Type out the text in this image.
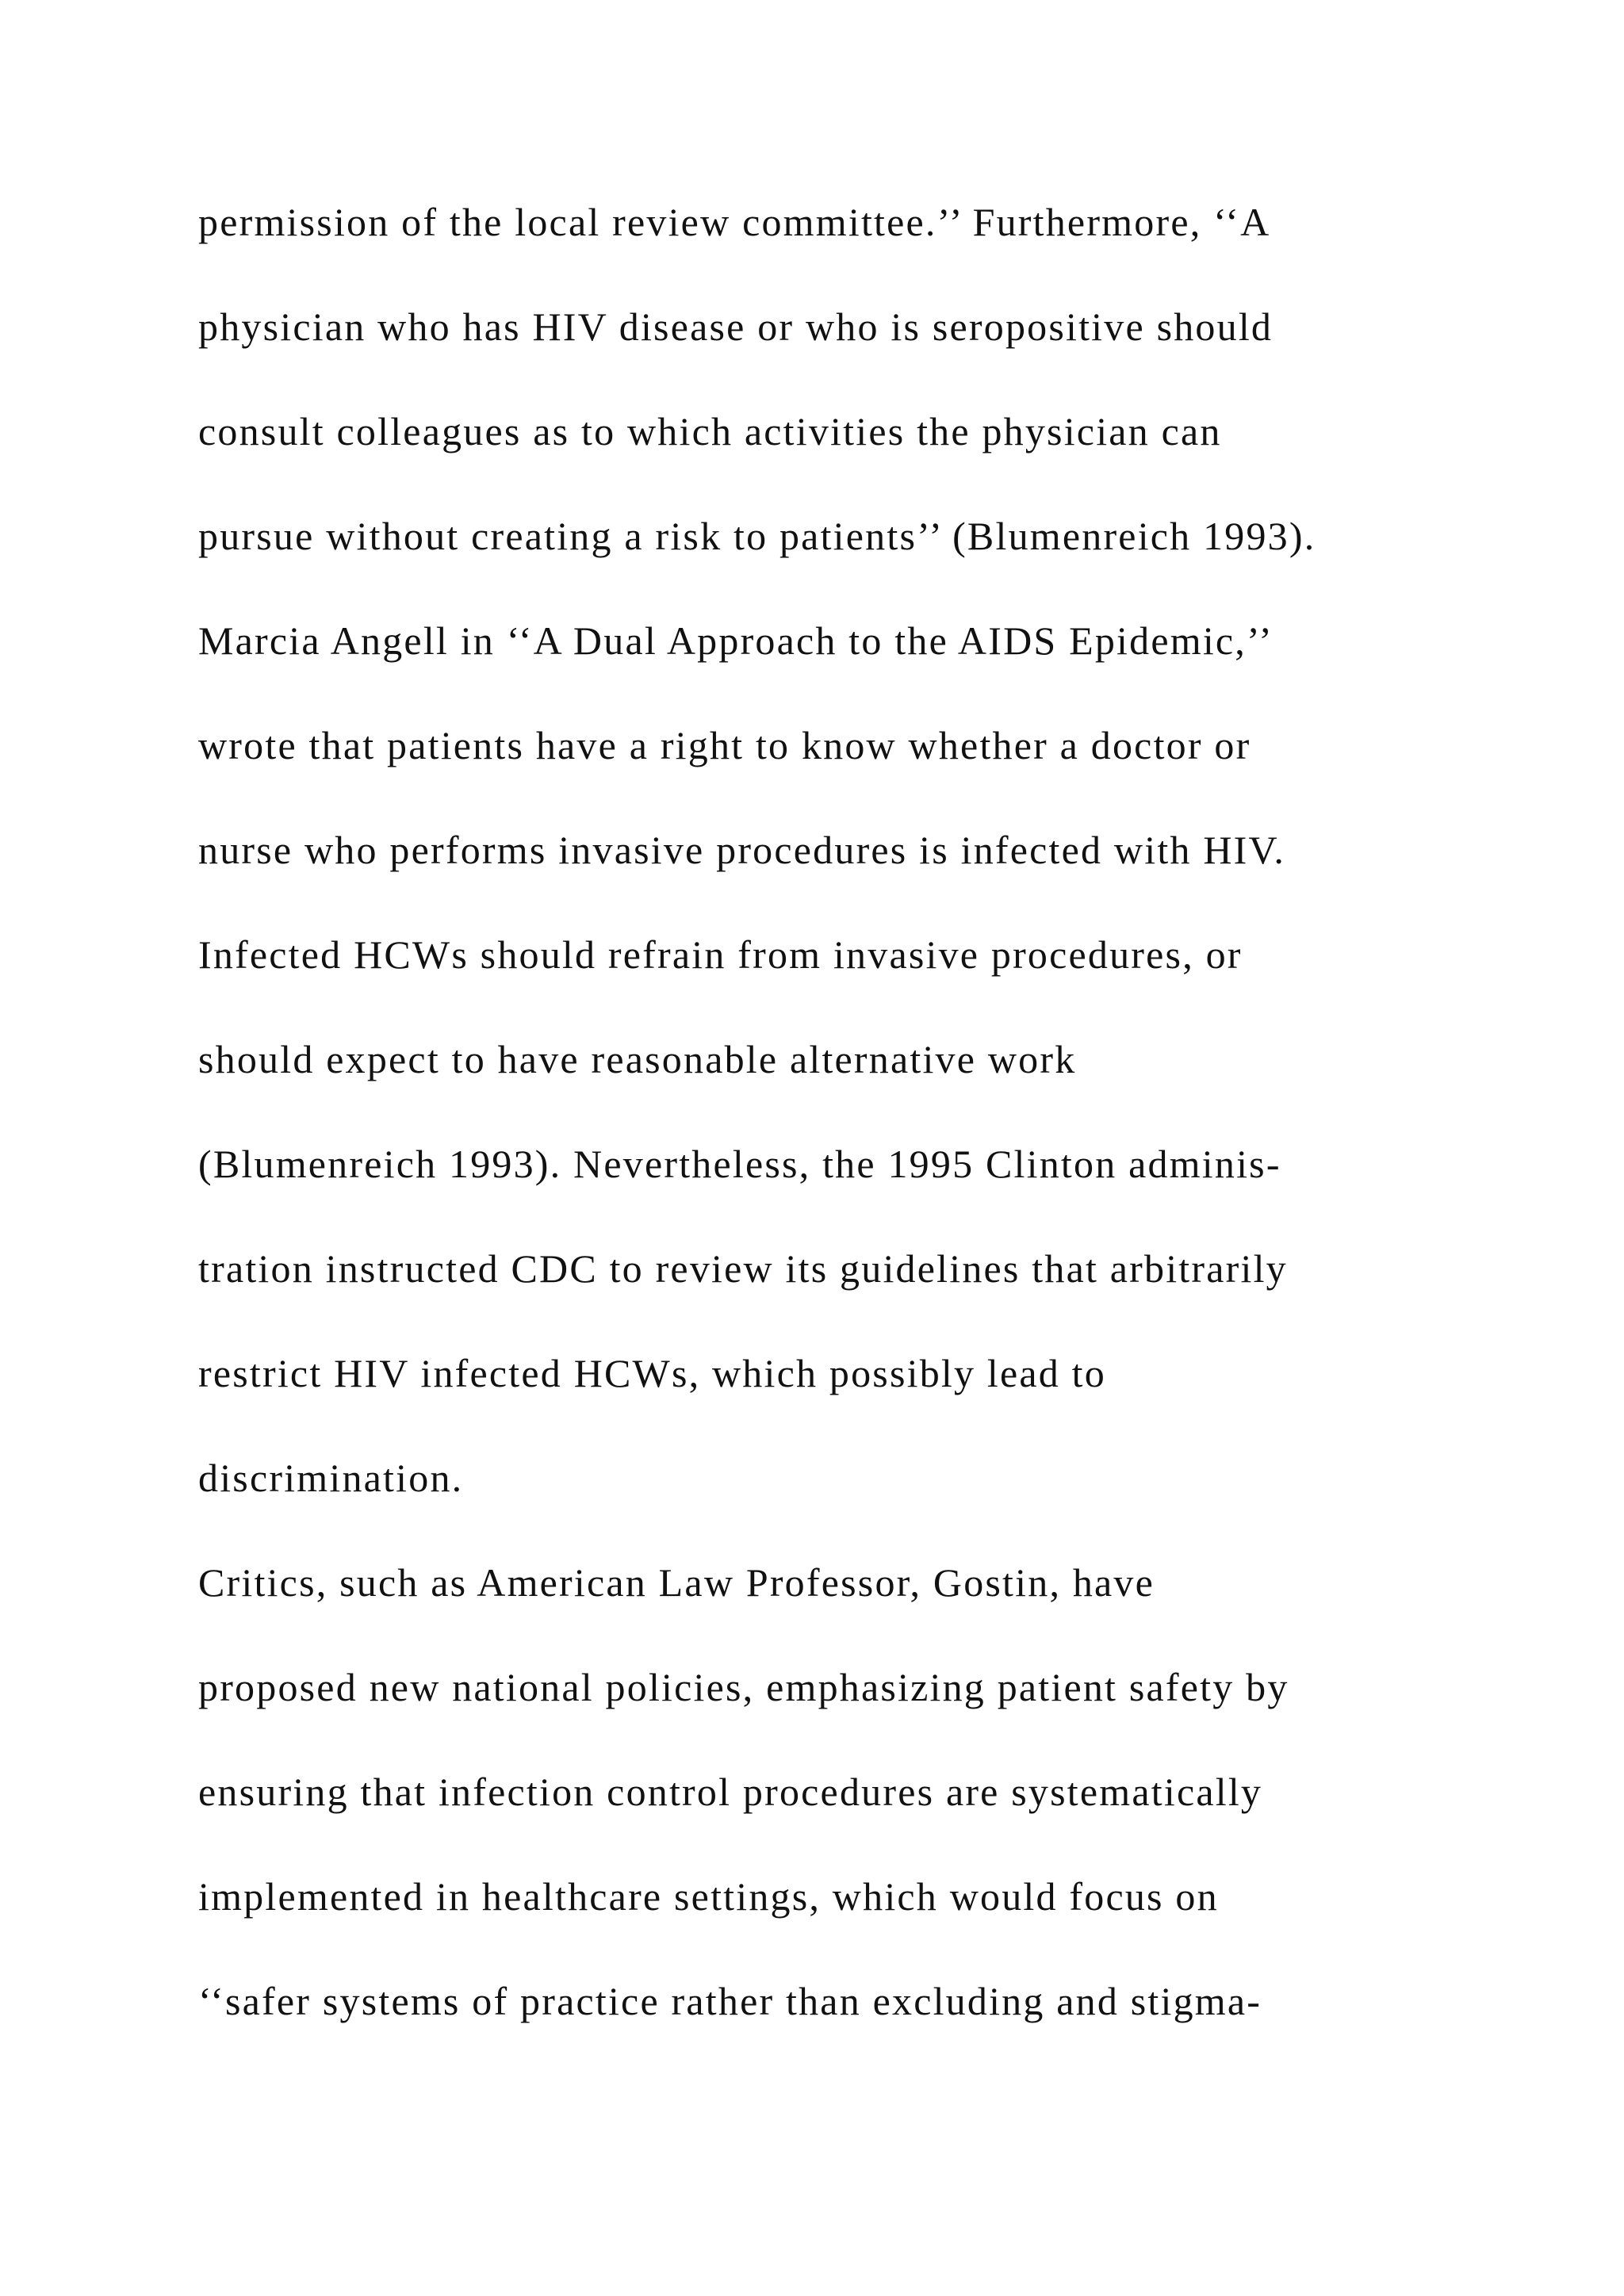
permission of the local review committee.’’ Furthermore, ‘‘A
physician who has HIV disease or who is seropositive should
consult colleagues as to which activities the physician can
pursue without creating a risk to patients’’ (Blumenreich 1993).
Marcia Angell in ‘‘A Dual Approach to the AIDS Epidemic,’’
wrote that patients have a right to know whether a doctor or
nurse who performs invasive procedures is infected with HIV.
Infected HCWs should refrain from invasive procedures, or
should expect to have reasonable alternative work
(Blumenreich 1993). Nevertheless, the 1995 Clinton adminis-
tration instructed CDC to review its guidelines that arbitrarily
restrict HIV infected HCWs, which possibly lead to
discrimination.
Critics, such as American Law Professor, Gostin, have
proposed new national policies, emphasizing patient safety by
ensuring that infection control procedures are systematically
implemented in healthcare settings, which would focus on
‘‘safer systems of practice rather than excluding and stigma-
